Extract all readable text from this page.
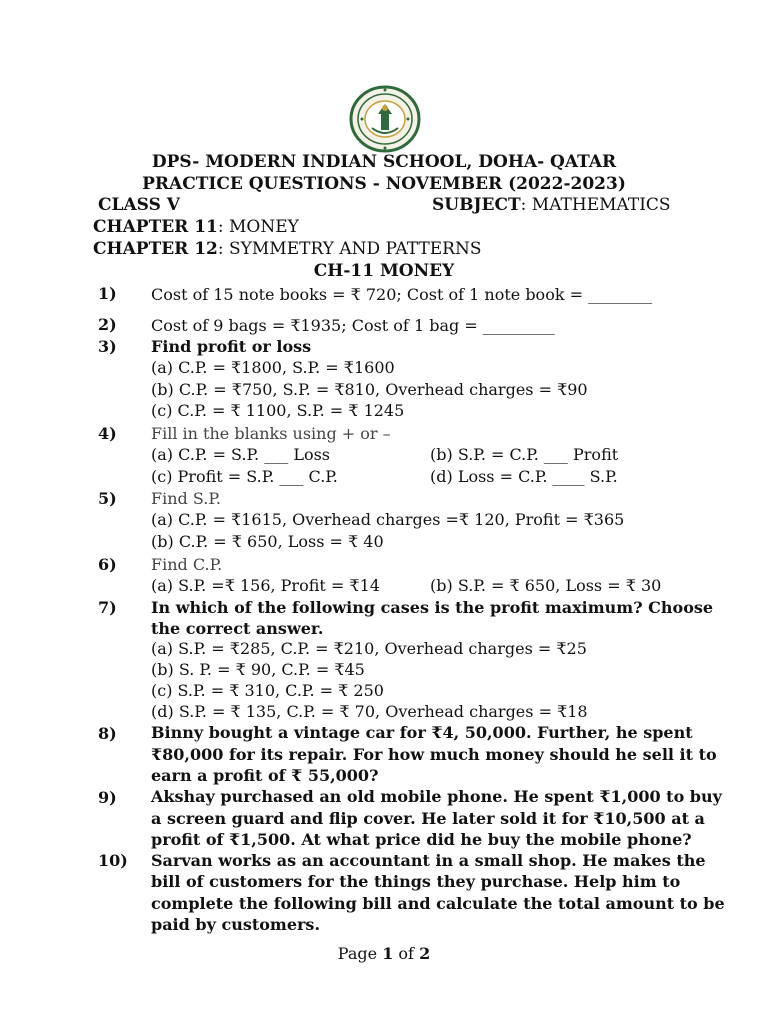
DPS- MODERN INDIAN SCHOOL, DOHA- QATAR
PRACTICE QUESTIONS - NOVEMBER (2022-2023)
CLASS V	SUBJECT: MATHEMATICS
CHAPTER 11: MONEY
CHAPTER 12: SYMMETRY AND PATTERNS
CH-11 MONEY
1)	Cost of 15 note books = ₹ 720; Cost of 1 note book = ________
2)	Cost of 9 bags = ₹1935; Cost of 1 bag = _________
3)	Find profit or loss
(a) C.P. = ₹1800, S.P. = ₹1600
(b) C.P. = ₹750, S.P. = ₹810, Overhead charges = ₹90
(c) C.P. = ₹ 1100, S.P. = ₹ 1245
4)	Fill in the blanks using + or –
(a) C.P. = S.P. ___ Loss	(b) S.P. = C.P. ___ Profit
(c) Profit = S.P. ___ C.P.	(d) Loss = C.P. ____ S.P.
5)	Find S.P.
(a) C.P. = ₹1615, Overhead charges =₹ 120, Profit = ₹365
(b) C.P. = ₹ 650, Loss = ₹ 40
6)	Find C.P.
(a) S.P. =₹ 156, Profit = ₹14	(b) S.P. = ₹ 650, Loss = ₹ 30
7)	In which of the following cases is the profit maximum? Choose
the correct answer.
(a) S.P. = ₹285, C.P. = ₹210, Overhead charges = ₹25
(b) S. P. = ₹ 90, C.P. = ₹45
(c) S.P. = ₹ 310, C.P. = ₹ 250
(d) S.P. = ₹ 135, C.P. = ₹ 70, Overhead charges = ₹18
8)	Binny bought a vintage car for ₹4, 50,000. Further, he spent
₹80,000 for its repair. For how much money should he sell it to
earn a profit of ₹ 55,000?
9)	Akshay purchased an old mobile phone. He spent ₹1,000 to buy
a screen guard and flip cover. He later sold it for ₹10,500 at a
profit of ₹1,500. At what price did he buy the mobile phone?
10)	Sarvan works as an accountant in a small shop. He makes the
bill of customers for the things they purchase. Help him to
complete the following bill and calculate the total amount to be
paid by customers.
Page 1 of 2
